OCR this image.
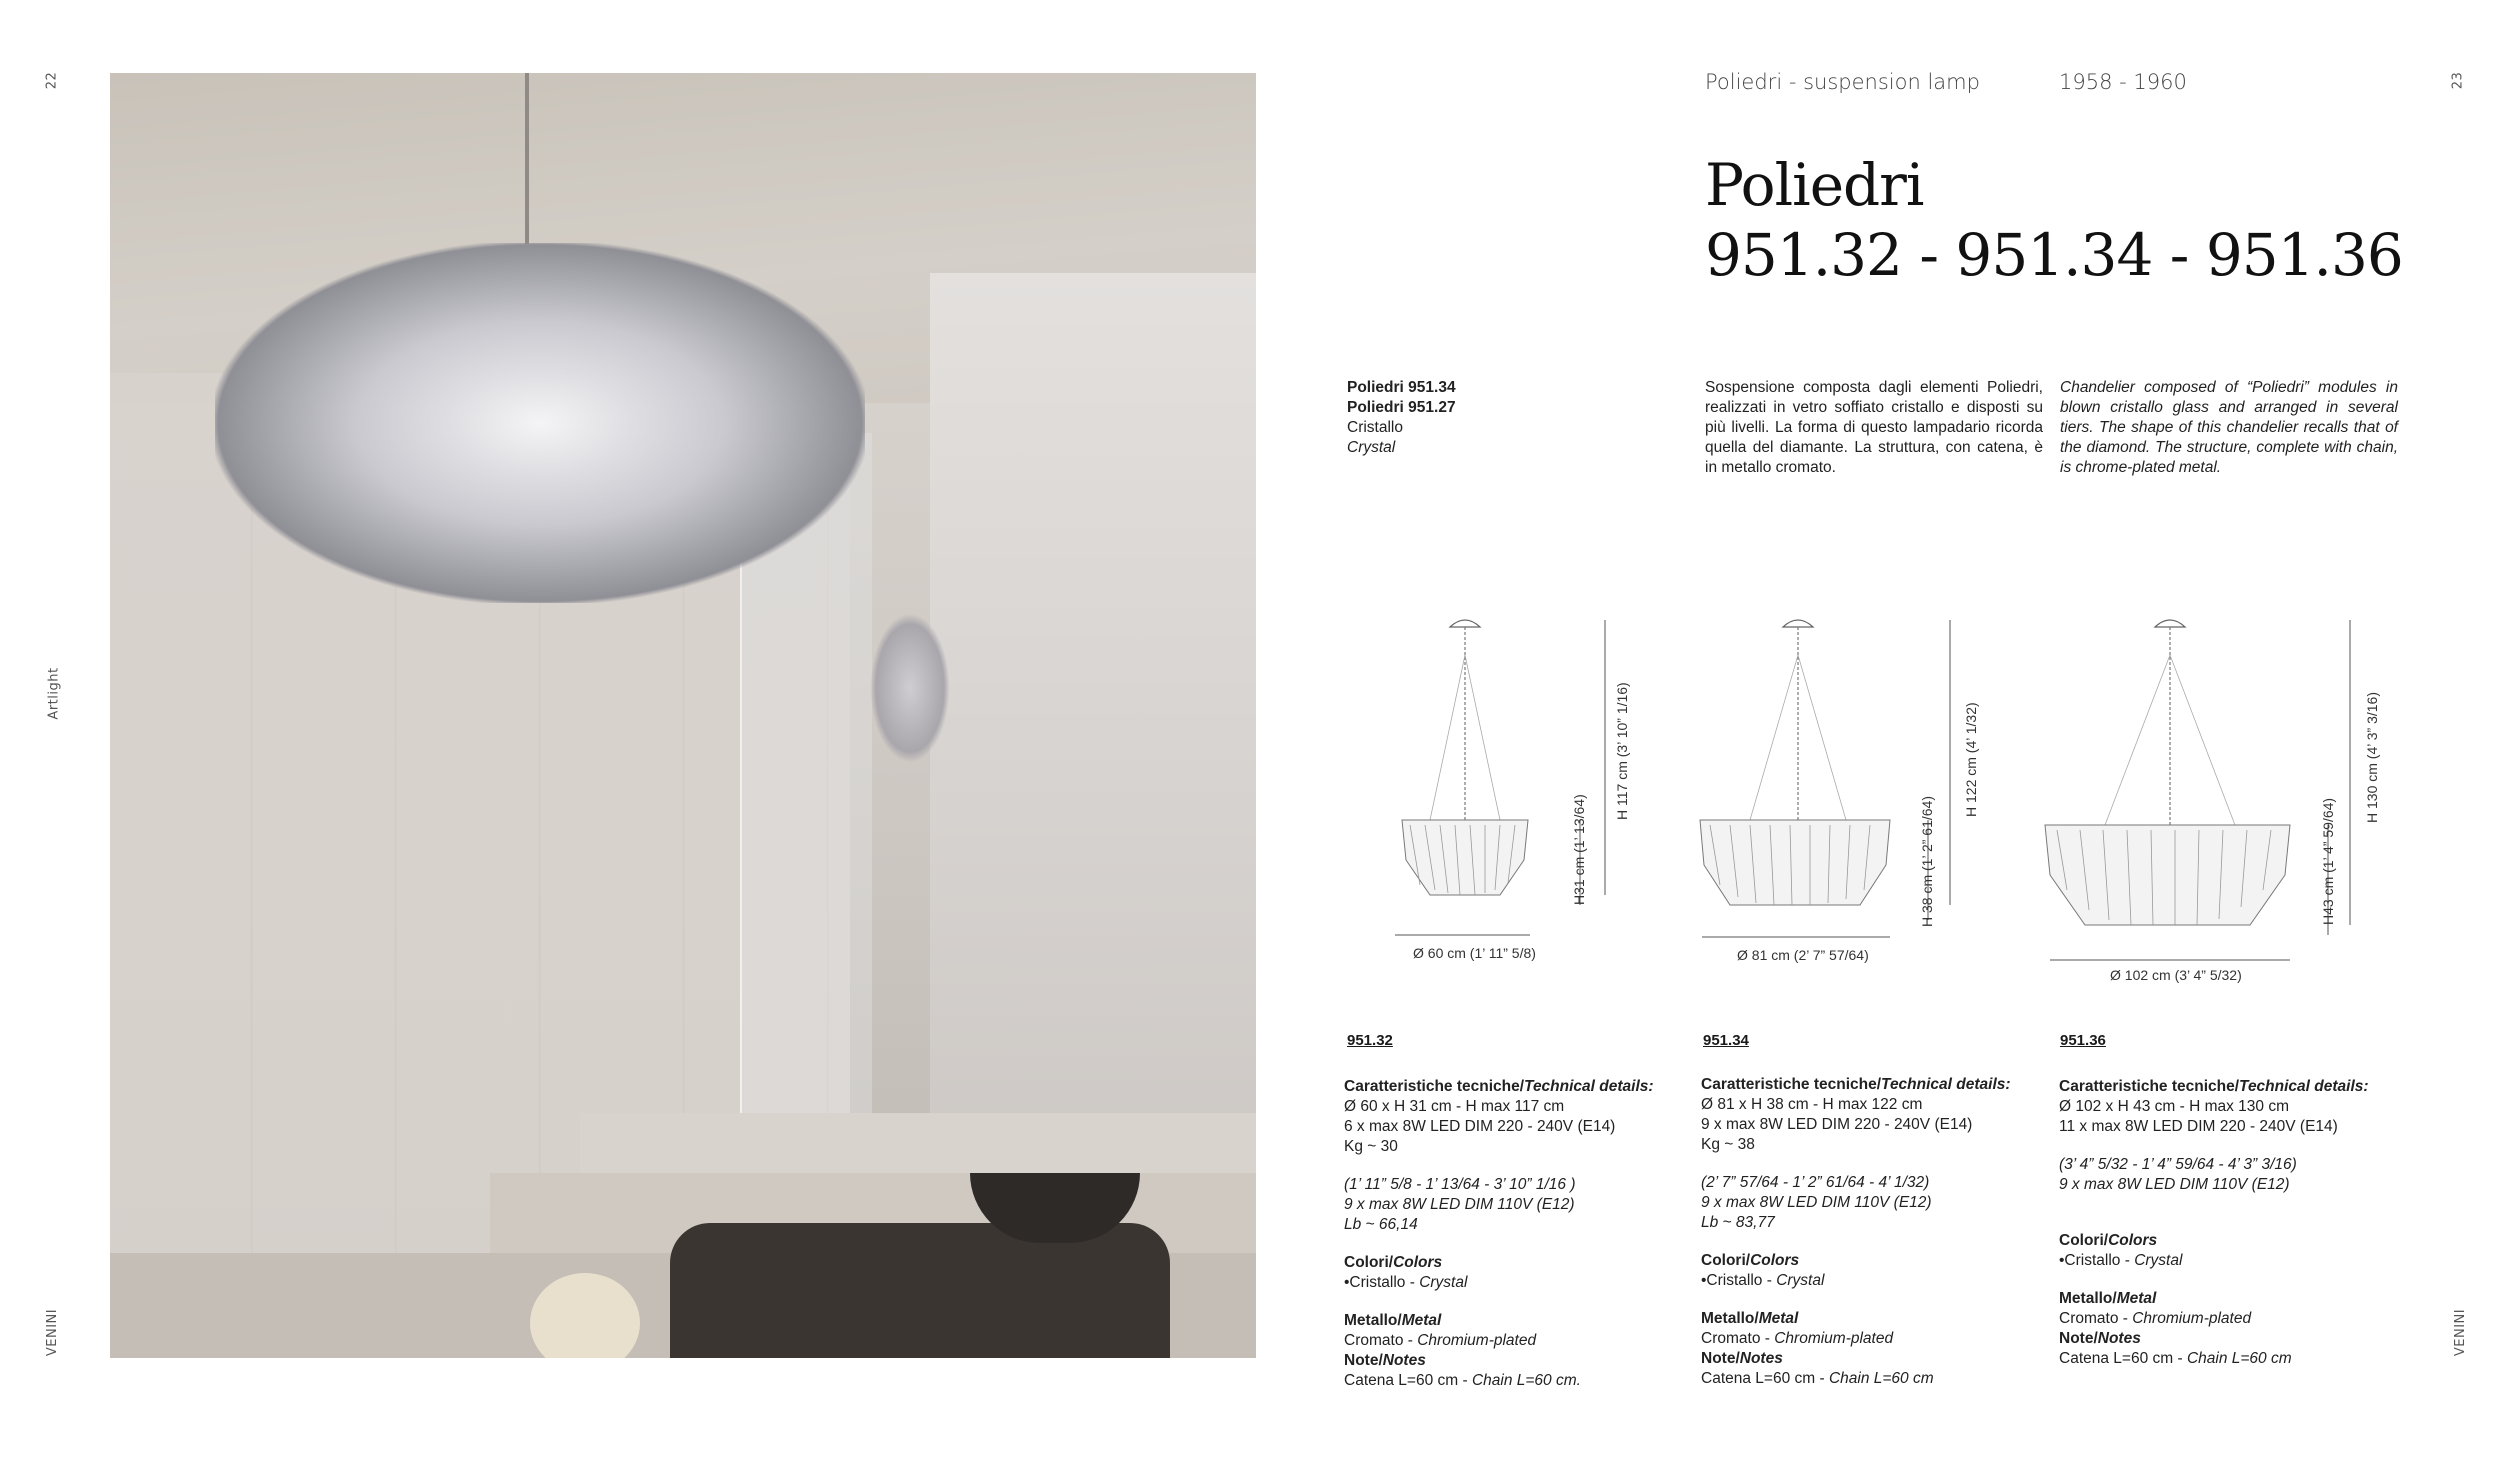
22
Artlight
VENINI
23
VENINI
Poliedri - suspension lamp	1958 - 1960
Poliedri
951.32 - 951.34 - 951.36
Poliedri 951.34
Poliedri 951.27
Cristallo
Crystal
Sospensione composta dagli elementi Poliedri, realizzati in vetro soffiato cristallo e disposti su più livelli. La forma di questo lampadario ricorda quella del diamante. La struttura, con catena, è in metallo cromato.
Chandelier composed of “Poliedri” modules in blown cristallo glass and arranged in several tiers. The shape of this chandelier recalls that of the diamond. The structure, complete with chain, is chrome-plated metal.
Ø 60 cm (1’ 11” 5/8)
H31 cm (1’ 13/64)
H 117 cm (3’ 10” 1/16)
Ø 81 cm (2’ 7” 57/64)
H 38 cm (1’ 2” 61/64)
H 122 cm (4’ 1/32)
Ø 102 cm (3’ 4” 5/32)
H43 cm (1’ 4” 59/64)
H 130 cm (4’ 3” 3/16)
951.32
Caratteristiche tecniche/Technical details:
Ø 60 x H 31 cm - H max 117 cm
6 x max 8W LED DIM 220 - 240V (E14)
Kg ~ 30
(1’ 11” 5/8 - 1’ 13/64 - 3’ 10” 1/16 )
9 x max 8W LED DIM 110V (E12)
Lb ~ 66,14
Colori/Colors
•Cristallo - Crystal
Metallo/Metal
Cromato - Chromium-plated
Note/Notes
Catena L=60 cm - Chain L=60 cm.
951.34
Caratteristiche tecniche/Technical details:
Ø 81 x H 38 cm - H max 122 cm
9 x max 8W LED DIM 220 - 240V (E14)
Kg ~ 38
(2’ 7” 57/64 - 1’ 2” 61/64 - 4’ 1/32)
9 x max 8W LED DIM 110V (E12)
Lb ~ 83,77
Colori/Colors
•Cristallo - Crystal
Metallo/Metal
Cromato - Chromium-plated
Note/Notes
Catena L=60 cm - Chain L=60 cm
951.36
Caratteristiche tecniche/Technical details:
Ø 102 x H 43 cm - H max 130 cm
11 x max 8W LED DIM 220 - 240V (E14)
(3’ 4” 5/32 - 1’ 4” 59/64 - 4’ 3” 3/16)
9 x max 8W LED DIM 110V (E12)
Colori/Colors
•Cristallo - Crystal
Metallo/Metal
Cromato - Chromium-plated
Note/Notes
Catena L=60 cm - Chain L=60 cm
